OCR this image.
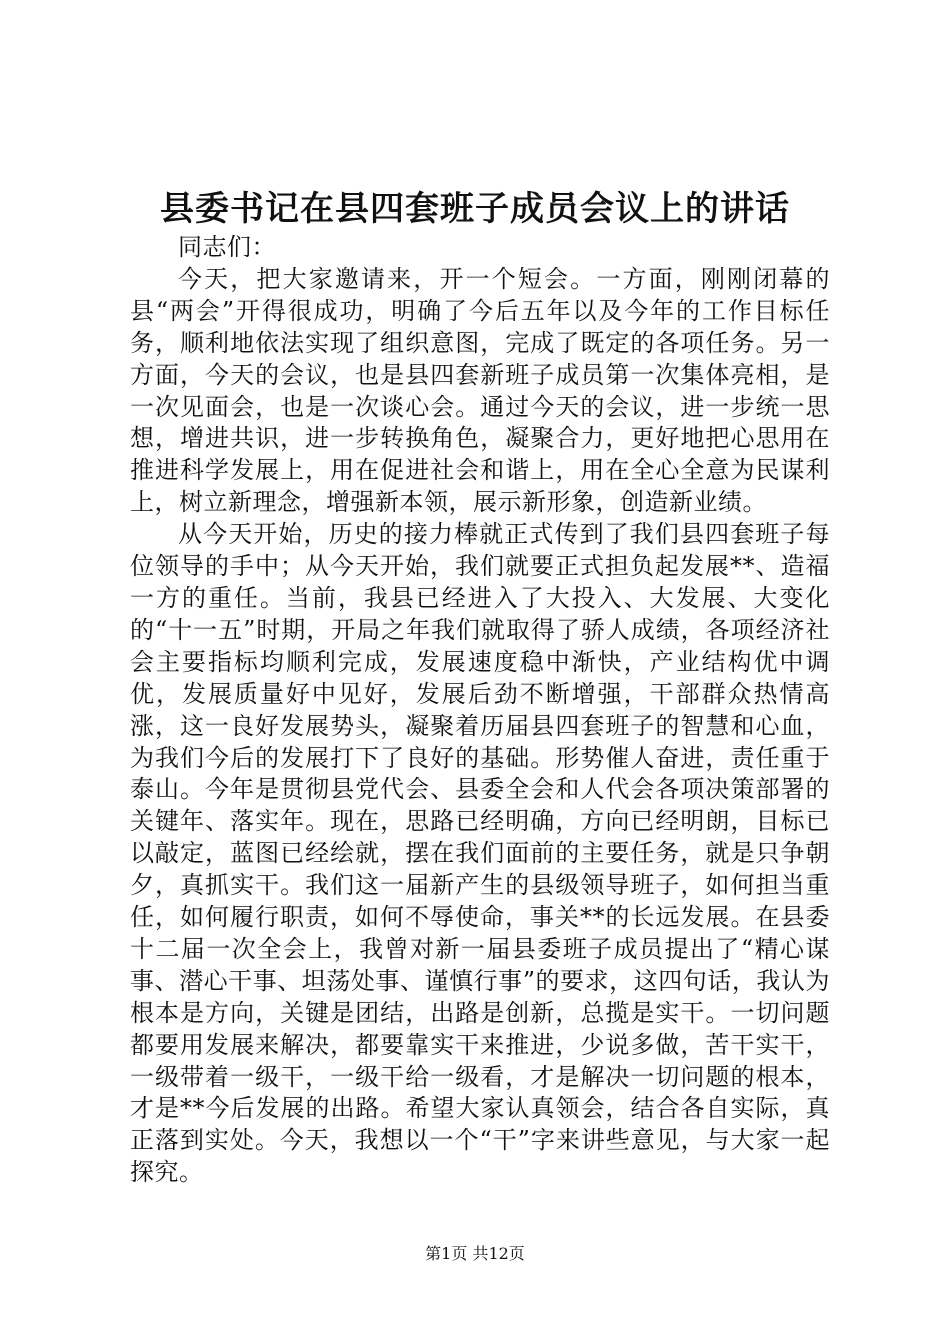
县委书记在县四套班子成员会议上的讲话

同志们：

今天，把大家邀请来，开一个短会。一方面，刚刚闭幕的县“两会”开得很成功，明确了今后五年以及今年的工作目标任务，顺利地依法实现了组织意图，完成了既定的各项任务。另一方面，今天的会议，也是县四套新班子成员第一次集体亮相，是一次见面会，也是一次谈心会。通过今天的会议，进一步统一思想，增进共识，进一步转换角色，凝聚合力，更好地把心思用在推进科学发展上，用在促进社会和谐上，用在全心全意为民谋利上，树立新理念，增强新本领，展示新形象，创造新业绩。

从今天开始，历史的接力棒就正式传到了我们县四套班子每位领导的手中；从今天开始，我们就要正式担负起发展**、造福一方的重任。当前，我县已经进入了大投入、大发展、大变化的“十一五”时期，开局之年我们就取得了骄人成绩，各项经济社会主要指标均顺利完成，发展速度稳中渐快，产业结构优中调优，发展质量好中见好，发展后劲不断增强，干部群众热情高涨，这一良好发展势头，凝聚着历届县四套班子的智慧和心血，为我们今后的发展打下了良好的基础。形势催人奋进，责任重于泰山。今年是贯彻县党代会、县委全会和人代会各项决策部署的关键年、落实年。现在，思路已经明确，方向已经明朗，目标已以敲定，蓝图已经绘就，摆在我们面前的主要任务，就是只争朝夕，真抓实干。我们这一届新产生的县级领导班子，如何担当重任，如何履行职责，如何不辱使命，事关**的长远发展。在县委十二届一次全会上，我曾对新一届县委班子成员提出了“精心谋事、潜心干事、坦荡处事、谨慎行事”的要求，这四句话，我认为根本是方向，关键是团结，出路是创新，总揽是实干。一切问题都要用发展来解决，都要靠实干来推进，少说多做，苦干实干，一级带着一级干，一级干给一级看，才是解决一切问题的根本，才是**今后发展的出路。希望大家认真领会，结合各自实际，真正落到实处。今天，我想以一个“干”字来讲些意见，与大家一起探究。

第1页 共12页
